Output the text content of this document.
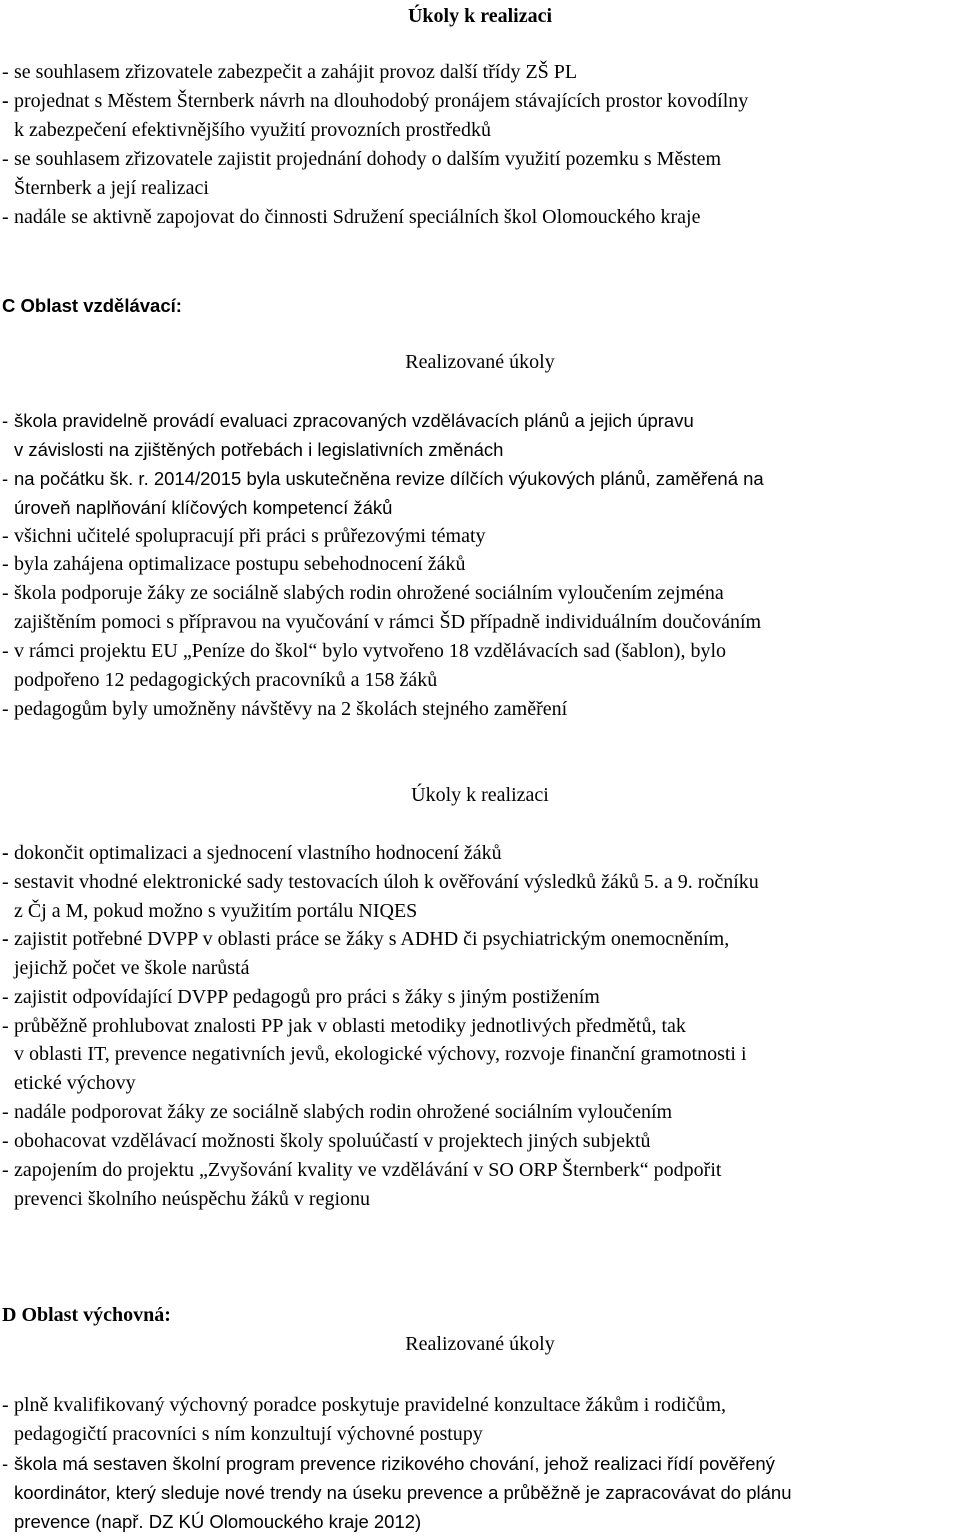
Úkoly k realizaci
- se souhlasem zřizovatele zabezpečit a zahájit provoz další třídy ZŠ PL
- projednat s Městem Šternberk návrh na dlouhodobý pronájem stávajících prostor kovodílny
k zabezpečení efektivnějšího využití provozních prostředků
- se souhlasem zřizovatele zajistit projednání dohody o dalším využití pozemku s Městem
Šternberk a její realizaci
- nadále se aktivně zapojovat do činnosti Sdružení speciálních škol Olomouckého kraje
C Oblast vzdělávací:
Realizované úkoly
- škola pravidelně provádí evaluaci zpracovaných vzdělávacích plánů a jejich úpravu
v závislosti na zjištěných potřebách i legislativních změnách
- na počátku šk. r. 2014/2015 byla uskutečněna revize dílčích výukových plánů, zaměřená na
úroveň naplňování klíčových kompetencí žáků
- všichni učitelé spolupracují při práci s průřezovými tématy
- byla zahájena optimalizace postupu sebehodnocení žáků
- škola podporuje žáky ze sociálně slabých rodin ohrožené sociálním vyloučením zejména
zajištěním pomoci s přípravou na vyučování v rámci ŠD případně individuálním doučováním
- v rámci projektu EU „Peníze do škol“ bylo vytvořeno 18 vzdělávacích sad (šablon), bylo
podpořeno 12 pedagogických pracovníků a 158 žáků
- pedagogům byly umožněny návštěvy na 2 školách stejného zaměření
Úkoly k realizaci
- dokončit optimalizaci a sjednocení vlastního hodnocení žáků
- sestavit vhodné elektronické sady testovacích úloh k ověřování výsledků žáků 5. a 9. ročníku
z Čj a M, pokud možno s využitím portálu NIQES
- zajistit potřebné DVPP v oblasti práce se žáky s ADHD či psychiatrickým onemocněním,
jejichž počet ve škole narůstá
- zajistit odpovídající DVPP pedagogů pro práci s žáky s jiným postižením
- průběžně prohlubovat znalosti PP jak v oblasti metodiky jednotlivých předmětů, tak
v oblasti IT, prevence negativních jevů, ekologické výchovy, rozvoje finanční gramotnosti i
etické výchovy
- nadále podporovat žáky ze sociálně slabých rodin ohrožené sociálním vyloučením
- obohacovat vzdělávací možnosti školy spoluúčastí v projektech jiných subjektů
- zapojením do projektu „Zvyšování kvality ve vzdělávání v SO ORP Šternberk“ podpořit
prevenci školního neúspěchu žáků v regionu
D Oblast výchovná:
Realizované úkoly
- plně kvalifikovaný výchovný poradce poskytuje pravidelné konzultace žákům i rodičům,
pedagogičtí pracovníci s ním konzultují výchovné postupy
- škola má sestaven školní program prevence rizikového chování, jehož realizaci řídí pověřený
koordinátor, který sleduje nové trendy na úseku prevence a průběžně je zapracovávat do plánu
prevence (např. DZ KÚ Olomouckého kraje 2012)
